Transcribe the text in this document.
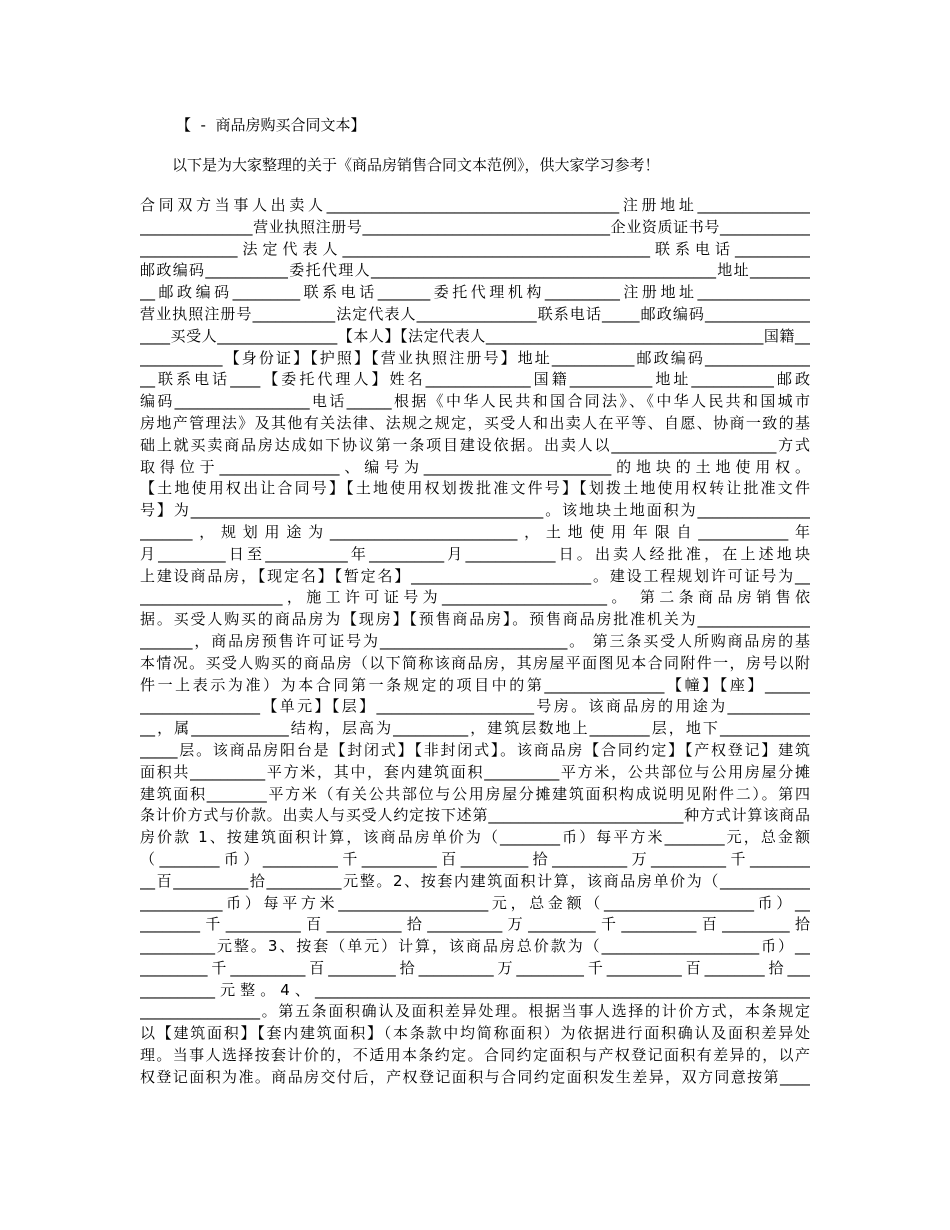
【  -  商品房购买合同文本】
以下是为大家整理的关于《商品房销售合同文本范例》，供大家学习参考！
合同双方当事人出卖人_______________________________________注册地址_______________
_______________营业执照注册号_________________________________企业资质证书号____________
_____________法定代表人_________________________________________联系电话__________
邮政编码___________委托代理人______________________________________________地址________
__邮政编码_________联系电话_______委托代理机构__________注册地址_______________
营业执照注册号___________法定代表人________________联系电话_____邮政编码______________
____买受人________________【本人】【法定代表人_____________________________________国籍__
___________【身份证】【护照】【营业执照注册号】地址___________邮政编码______________
__联系电话____【委托代理人】姓名______________国籍___________地址___________邮政
编码__________________电话______根据《中华人民共和国合同法》、《中华人民共和国城市
房地产管理法》及其他有关法律、法规之规定，买受人和出卖人在平等、自愿、协商一致的基
础上就买卖商品房达成如下协议第一条项目建设依据。出卖人以______________________方式
取得位于________________、编号为_________________________的地块的土地使用权。
【土地使用权出让合同号】【土地使用权划拨批准文件号】【划拨土地使用权转让批准文件
号】为_______________________________________________。该地块土地面积为_______________
_______，规划用途为_________________________，土地使用年限自____________年
月_________日至___________年__________月____________日。出卖人经批准，在上述地块
上建设商品房，【现定名】【暂定名】________________________。建设工程规划许可证号为__
___________________，施工许可证号为______________________。 第二条商品房销售依
据。买受人购买的商品房为【现房】【预售商品房】。预售商品房批准机关为_______________
_______，商品房预售许可证号为_________________________。 第三条买受人所购商品房的基
本情况。买受人购买的商品房（以下简称该商品房，其房屋平面图见本合同附件一，房号以附
件一上表示为准）为本合同第一条规定的项目中的第________________【幢】【座】______
________________【单元】【层】_____________________号房。该商品房的用途为___________
__，属_____________结构，层高为__________，建筑层数地上________层，地下____________
_____层。该商品房阳台是【封闭式】【非封闭式】。该商品房【合同约定】【产权登记】建筑
面积共__________平方米，其中，套内建筑面积__________平方米，公共部位与公用房屋分摊
建筑面积________平方米（有关公共部位与公用房屋分摊建筑面积构成说明见附件二）。第四
条计价方式与价款。出卖人与买受人约定按下述第__________________________种方式计算该商品
房价款 1、按建筑面积计算，该商品房单价为（________币）每平方米________元，总金额
（________币）__________千__________百_________拾__________万__________千________
__百__________拾__________元整。2、按套内建筑面积计算，该商品房单价为（____________
___________币）每平方米____________________元，总金额（____________________币）__
________千__________百__________拾__________万_________千__________百_________拾
__________元整。3、按套（单元）计算，该商品房总价款为（_____________________币）__
_________千__________百_________拾__________万_________千__________百________拾___
__________元整。4、__________________________________________________________________
________________。第五条面积确认及面积差异处理。根据当事人选择的计价方式，本条规定
以【建筑面积】【套内建筑面积】（本条款中均简称面积）为依据进行面积确认及面积差异处
理。当事人选择按套计价的，不适用本条约定。合同约定面积与产权登记面积有差异的，以产
权登记面积为准。商品房交付后，产权登记面积与合同约定面积发生差异，双方同意按第____
